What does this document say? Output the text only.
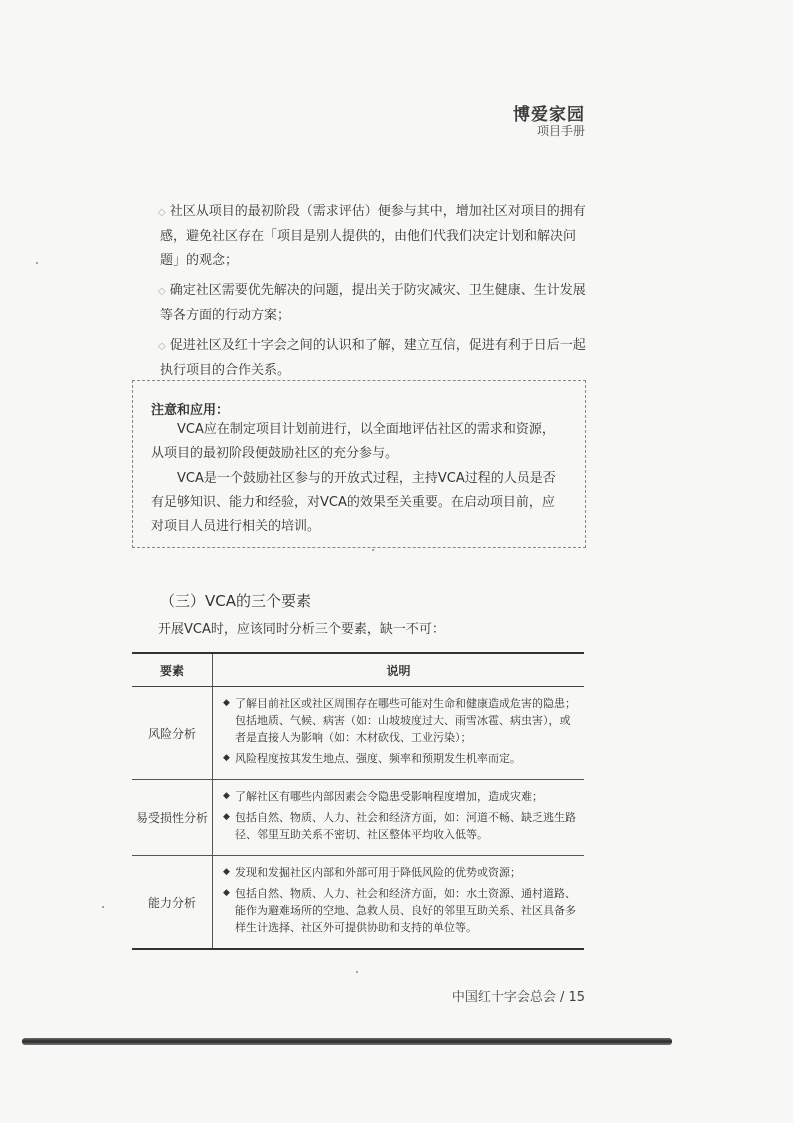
博爱家园
项目手册
◇ 社区从项目的最初阶段（需求评估）便参与其中，增加社区对项目的拥有感，避免社区存在「项目是别人提供的，由他们代我们决定计划和解决问题」的观念；
◇ 确定社区需要优先解决的问题，提出关于防灾减灾、卫生健康、生计发展等各方面的行动方案；
◇ 促进社区及红十字会之间的认识和了解，建立互信，促进有利于日后一起执行项目的合作关系。
注意和应用：

VCA应在制定项目计划前进行，以全面地评估社区的需求和资源，从项目的最初阶段便鼓励社区的充分参与。

VCA是一个鼓励社区参与的开放式过程，主持VCA过程的人员是否有足够知识、能力和经验，对VCA的效果至关重要。在启动项目前，应对项目人员进行相关的培训。

（三）VCA的三个要素
开展VCA时，应该同时分析三个要素，缺一不可：
要素	说明
风险分析	◆ 了解目前社区或社区周围存在哪些可能对生命和健康造成危害的隐患；包括地质、气候、病害（如：山坡坡度过大、雨雪冰雹、病虫害），或者是直接人为影响（如：木材砍伐、工业污染）；
◆ 风险程度按其发生地点、强度、频率和预期发生机率而定。

易受损性分析	◆ 了解社区有哪些内部因素会令隐患受影响程度增加，造成灾难；
◆ 包括自然、物质、人力、社会和经济方面，如：河道不畅、缺乏逃生路径、邻里互助关系不密切、社区整体平均收入低等。

能力分析	◆ 发现和发掘社区内部和外部可用于降低风险的优势或资源；
◆ 包括自然、物质、人力、社会和经济方面，如：水土资源、通村道路、能作为避难场所的空地、急救人员、良好的邻里互助关系、社区具备多样生计选择、社区外可提供协助和支持的单位等。
中国红十字会总会 / 15
